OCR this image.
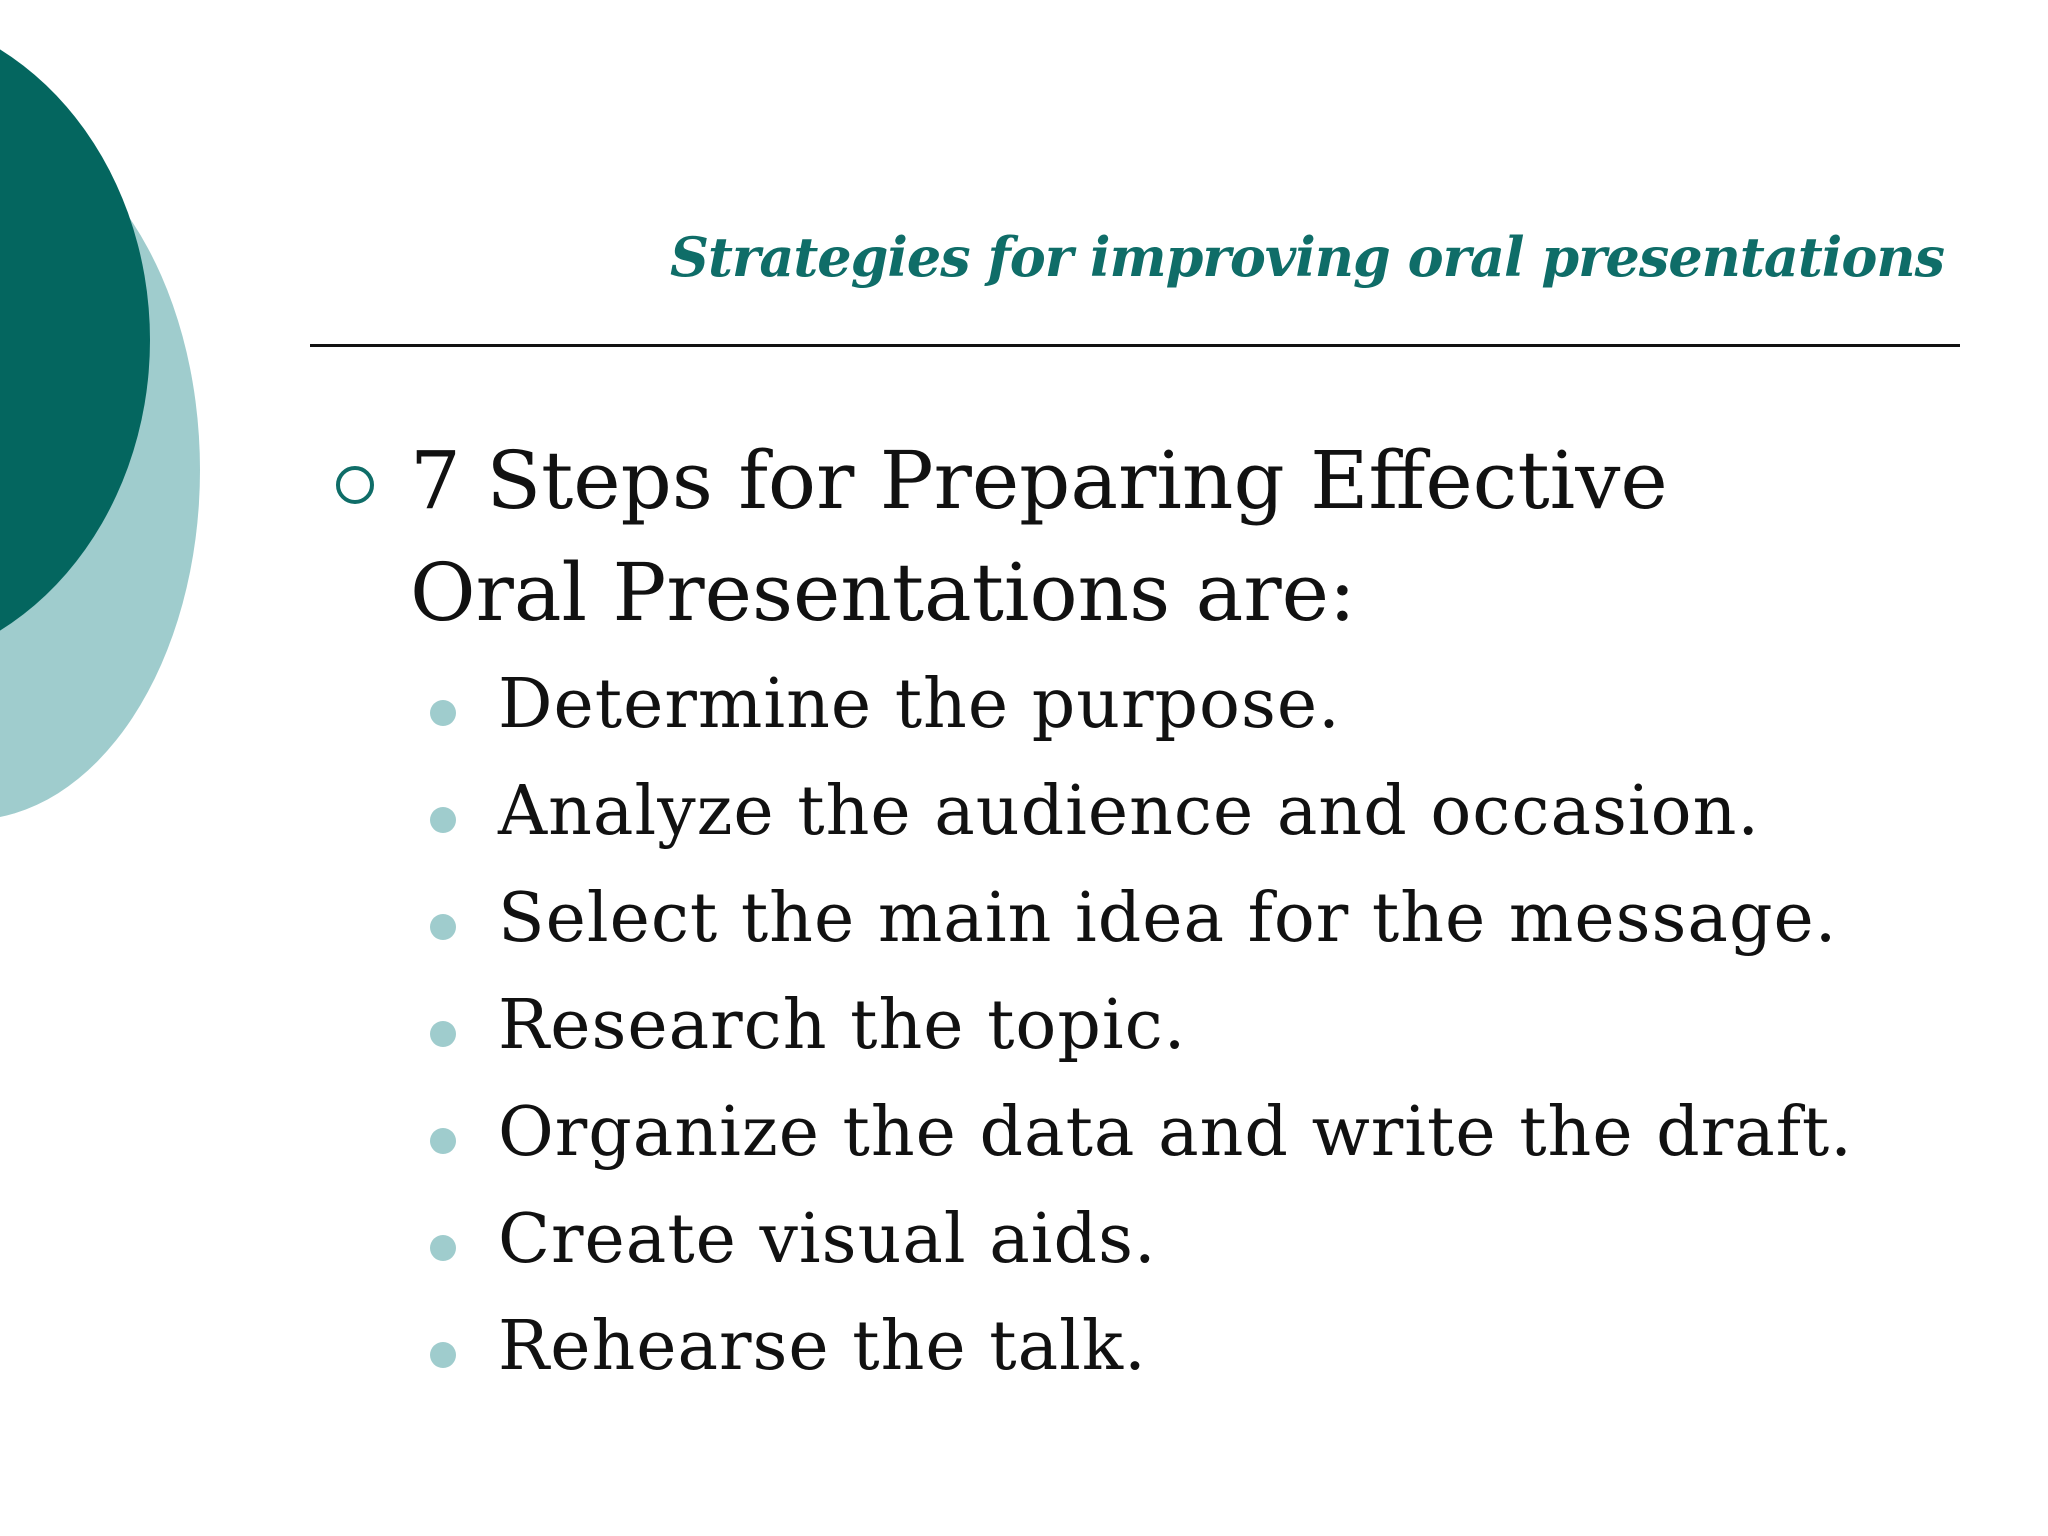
Strategies for improving oral presentations
7 Steps for Preparing Effective Oral Presentations are:
Determine the purpose.
Analyze the audience and occasion.
Select the main idea for the message.
Research the topic.
Organize the data and write the draft.
Create visual aids.
Rehearse the talk.
